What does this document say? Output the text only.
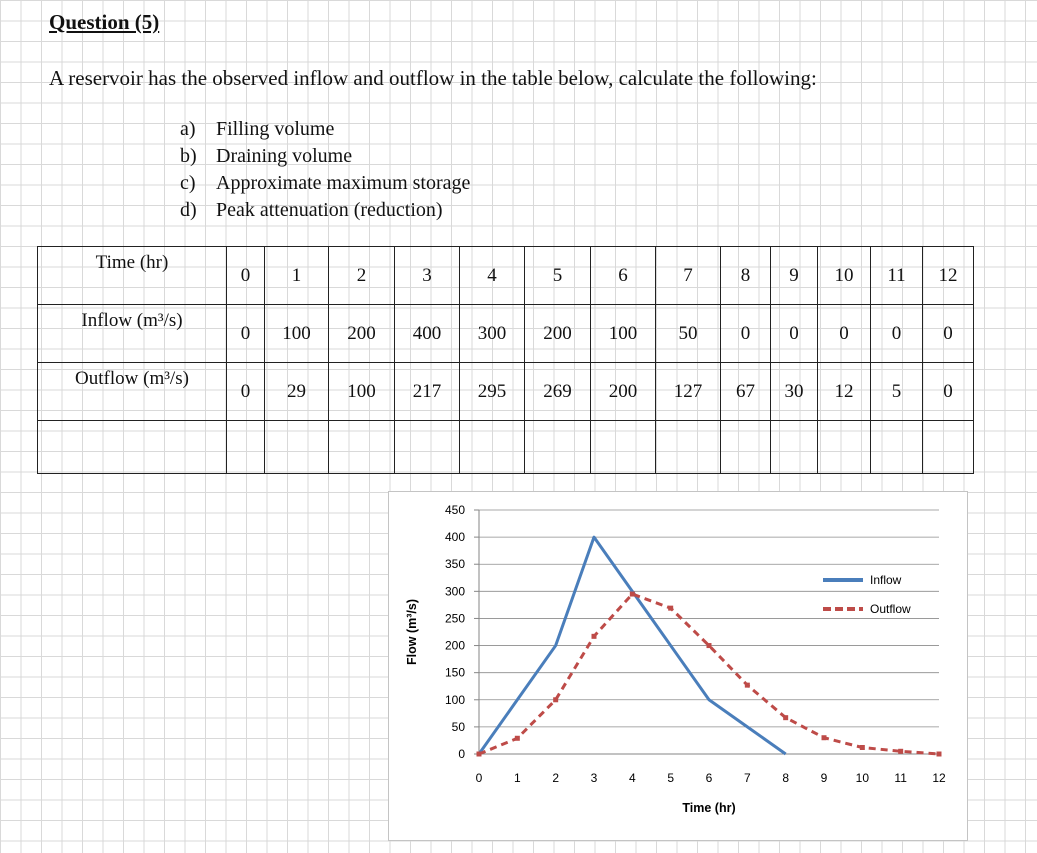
Question (5)
A reservoir has the observed inflow and outflow in the table below, calculate the following:
a)	Filling volume
b) Draining volume
c)	Approximate maximum storage
d) Peak attenuation (reduction)
Time (hr)	0	1	2	3	4	5	6	7	8	9	10	11	12
Inflow (m³/s)	0	100	200	400	300	200	100	50	0	0	0	0	0
Outflow (m³/s)	0	29	100	217	295	269	200	127	67	30	12	5	0

0
50
100
150
200
250
300
350
400
450
0	1	2	3	4	5	6	7	8	9 10 11 12
Time (hr)
Flow (m³/s)
Inflow
Outflow
